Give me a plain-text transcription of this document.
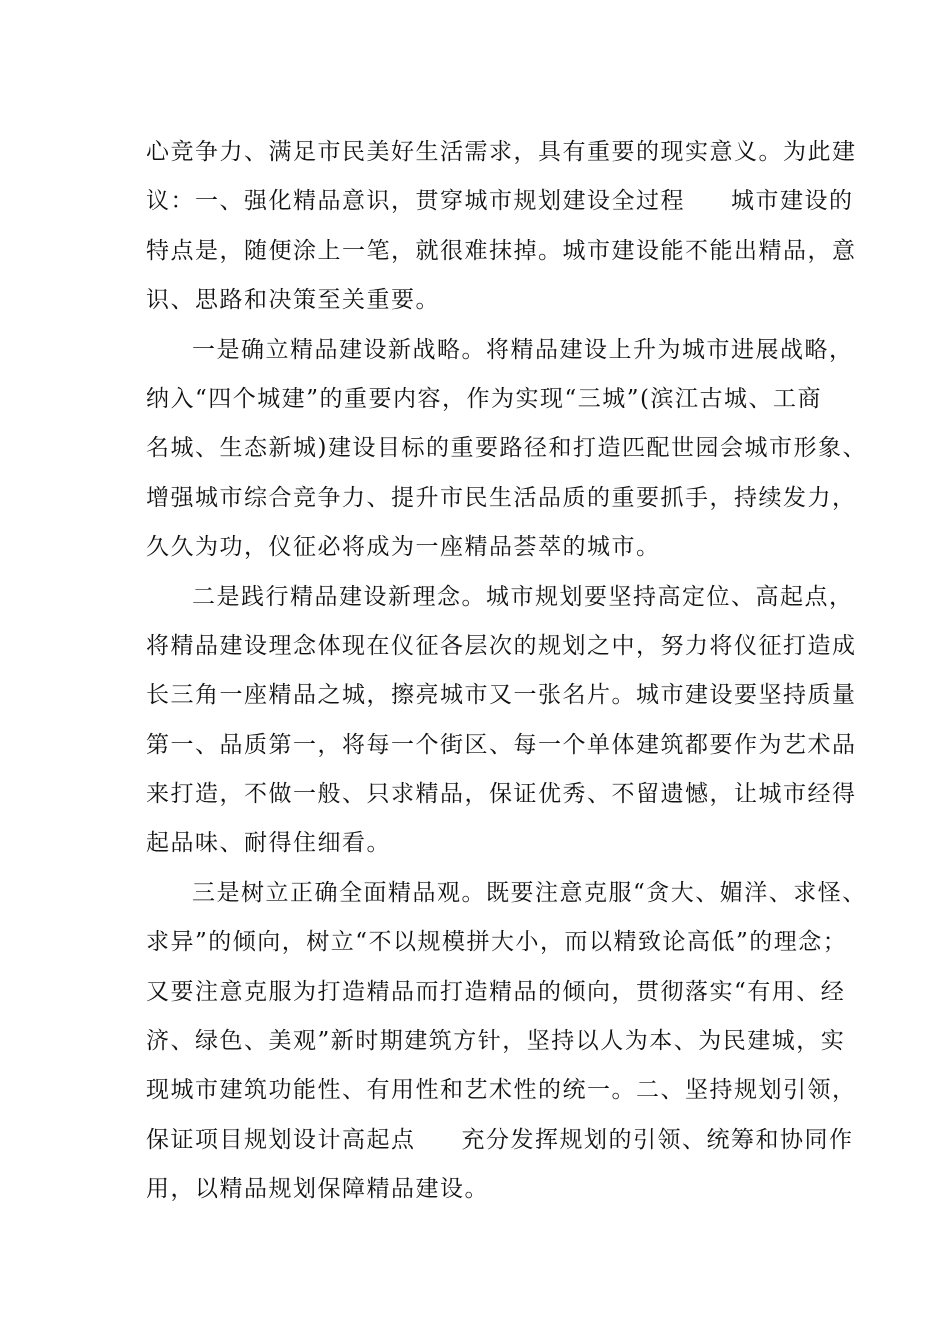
心竞争力、满足市民美好生活需求，具有重要的现实意义。为此建
议：一、强化精品意识，贯穿城市规划建设全过程 城市建设的
特点是，随便涂上一笔，就很难抹掉。城市建设能不能出精品，意
识、思路和决策至关重要。
一是确立精品建设新战略。将精品建设上升为城市进展战略，
纳入“四个城建”的重要内容，作为实现“三城”(滨江古城、工商
名城、生态新城)建设目标的重要路径和打造匹配世园会城市形象、
增强城市综合竞争力、提升市民生活品质的重要抓手，持续发力，
久久为功，仪征必将成为一座精品荟萃的城市。
二是践行精品建设新理念。城市规划要坚持高定位、高起点，
将精品建设理念体现在仪征各层次的规划之中，努力将仪征打造成
长三角一座精品之城，擦亮城市又一张名片。城市建设要坚持质量
第一、品质第一，将每一个街区、每一个单体建筑都要作为艺术品
来打造，不做一般、只求精品，保证优秀、不留遗憾，让城市经得
起品味、耐得住细看。
三是树立正确全面精品观。既要注意克服“贪大、媚洋、求怪、
求异”的倾向，树立“不以规模拼大小，而以精致论高低”的理念；
又要注意克服为打造精品而打造精品的倾向，贯彻落实“有用、经
济、绿色、美观”新时期建筑方针，坚持以人为本、为民建城，实
现城市建筑功能性、有用性和艺术性的统一。二、坚持规划引领，
保证项目规划设计高起点 充分发挥规划的引领、统筹和协同作
用，以精品规划保障精品建设。
